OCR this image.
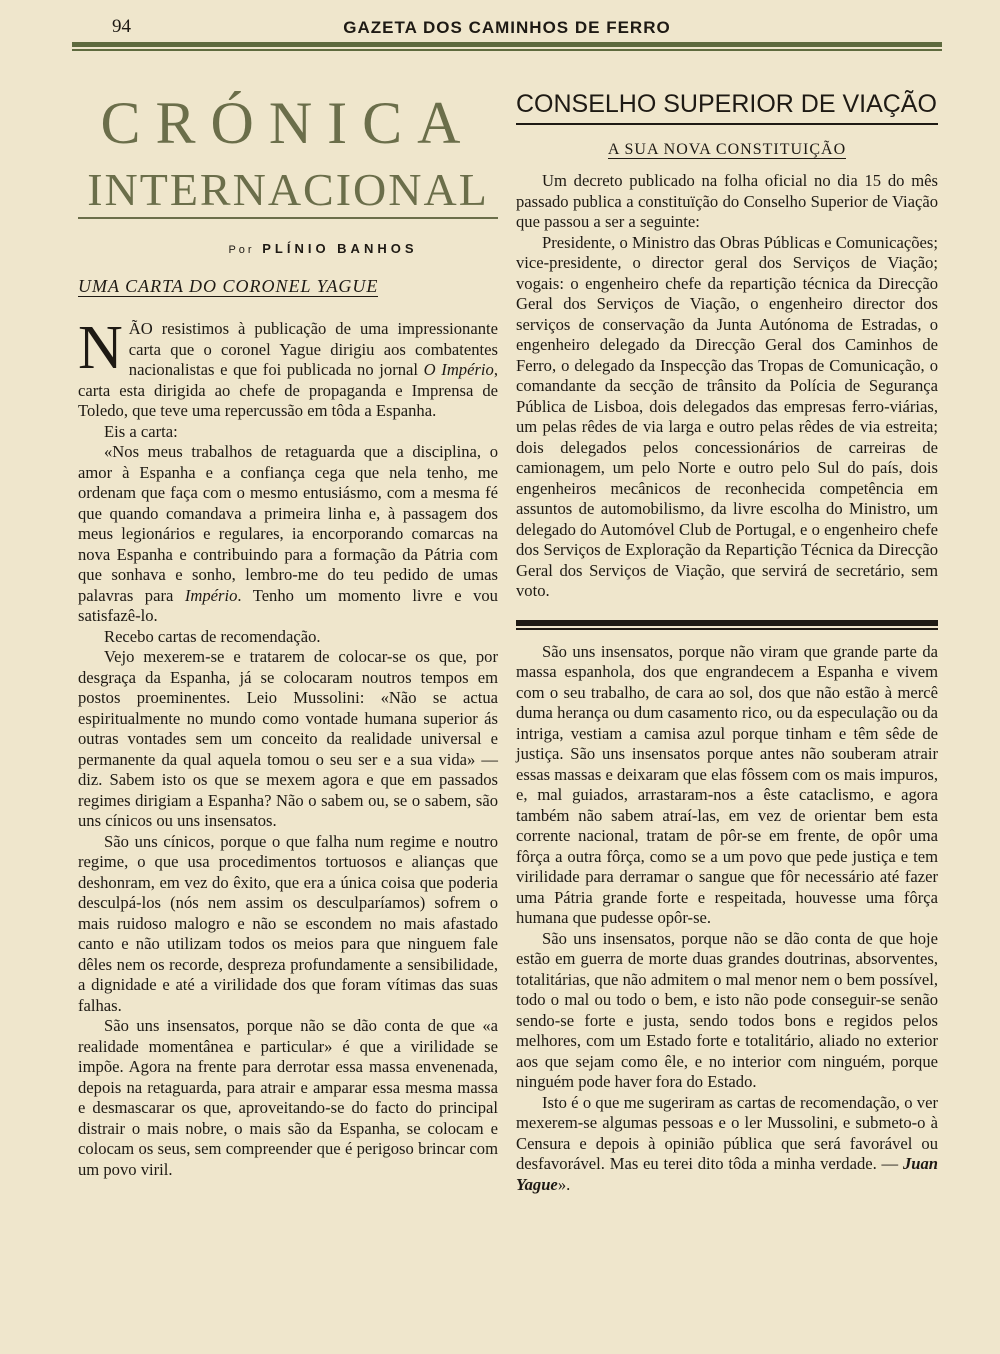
94	GAZETA DOS CAMINHOS DE FERRO
CRÓNICA
INTERNACIONAL
Por PLÍNIO BANHOS
UMA CARTA DO CORONEL YAGUE

NÃO resistimos à publicação de uma impressionante carta que o coronel Yague dirigiu aos combatentes nacionalistas e que foi publicada no jornal O Império, carta esta dirigida ao chefe de propaganda e Imprensa de Toledo, que teve uma repercussão em tôda a Espanha.

Eis a carta:

«Nos meus trabalhos de retaguarda que a disciplina, o amor à Espanha e a confiança cega que nela tenho, me ordenam que faça com o mesmo entusiásmo, com a mesma fé que quando comandava a primeira linha e, à passagem dos meus legionários e regulares, ia encorporando comarcas na nova Espanha e contribuindo para a formação da Pátria com que sonhava e sonho, lembro-me do teu pedido de umas palavras para Império. Tenho um momento livre e vou satisfazê-lo.

Recebo cartas de recomendação.

Vejo mexerem-se e tratarem de colocar-se os que, por desgraça da Espanha, já se colocaram noutros tempos em postos proeminentes. Leio Mussolini: «Não se actua espiritualmente no mundo como vontade humana superior ás outras vontades sem um conceito da realidade universal e permanente da qual aquela tomou o seu ser e a sua vida» — diz. Sabem isto os que se mexem agora e que em passados regimes dirigiam a Espanha? Não o sabem ou, se o sabem, são uns cínicos ou uns insensatos.

São uns cínicos, porque o que falha num regime e noutro regime, o que usa procedimentos tortuosos e alianças que deshonram, em vez do êxito, que era a única coisa que poderia desculpá-los (nós nem assim os desculparíamos) sofrem o mais ruidoso malogro e não se escondem no mais afastado canto e não utilizam todos os meios para que ninguem fale dêles nem os recorde, despreza profundamente a sensibilidade, a dignidade e até a virilidade dos que foram vítimas das suas falhas.

São uns insensatos, porque não se dão conta de que «a realidade momentânea e particular» é que a virilidade se impõe. Agora na frente para derrotar essa massa envenenada, depois na retaguarda, para atrair e amparar essa mesma massa e desmascarar os que, aproveitando-se do facto do principal distrair o mais nobre, o mais são da Espanha, se colocam e colocam os seus, sem compreender que é perigoso brincar com um povo viril.

CONSELHO SUPERIOR DE VIAÇÃO
A SUA NOVA CONSTITUIÇÃO

Um decreto publicado na folha oficial no dia 15 do mês passado publica a constituïção do Conselho Superior de Viação que passou a ser a seguinte:

Presidente, o Ministro das Obras Públicas e Comunicações; vice-presidente, o director geral dos Serviços de Viação; vogais: o engenheiro chefe da repartição técnica da Direcção Geral dos Serviços de Viação, o engenheiro director dos serviços de conservação da Junta Autónoma de Estradas, o engenheiro delegado da Direcção Geral dos Caminhos de Ferro, o delegado da Inspecção das Tropas de Comunicação, o comandante da secção de trânsito da Polícia de Segurança Pública de Lisboa, dois delegados das empresas ferro-viárias, um pelas rêdes de via larga e outro pelas rêdes de via estreita; dois delegados pelos concessionários de carreiras de camionagem, um pelo Norte e outro pelo Sul do país, dois engenheiros mecânicos de reconhecida competência em assuntos de automobilismo, da livre escolha do Ministro, um delegado do Automóvel Club de Portugal, e o engenheiro chefe dos Serviços de Exploração da Repartição Técnica da Direcção Geral dos Serviços de Viação, que servirá de secretário, sem voto.

São uns insensatos, porque não viram que grande parte da massa espanhola, dos que engrandecem a Espanha e vivem com o seu trabalho, de cara ao sol, dos que não estão à mercê duma herança ou dum casamento rico, ou da especulação ou da intriga, vestiam a camisa azul porque tinham e têm sêde de justiça. São uns insensatos porque antes não souberam atrair essas massas e deixaram que elas fôssem com os mais impuros, e, mal guiados, arrastaram-nos a êste cataclismo, e agora também não sabem atraí-las, em vez de orientar bem esta corrente nacional, tratam de pôr-se em frente, de opôr uma fôrça a outra fôrça, como se a um povo que pede justiça e tem virilidade para derramar o sangue que fôr necessário até fazer uma Pátria grande forte e respeitada, houvesse uma fôrça humana que pudesse opôr-se.

São uns insensatos, porque não se dão conta de que hoje estão em guerra de morte duas grandes doutrinas, absorventes, totalitárias, que não admitem o mal menor nem o bem possível, todo o mal ou todo o bem, e isto não pode conseguir-se senão sendo-se forte e justa, sendo todos bons e regidos pelos melhores, com um Estado forte e totalitário, aliado no exterior aos que sejam como êle, e no interior com ninguém, porque ninguém pode haver fora do Estado.

Isto é o que me sugeriram as cartas de recomendação, o ver mexerem-se algumas pessoas e o ler Mussolini, e submeto-o à Censura e depois à opinião pública que será favorável ou desfavorável. Mas eu terei dito tôda a minha verdade. — Juan Yague».
